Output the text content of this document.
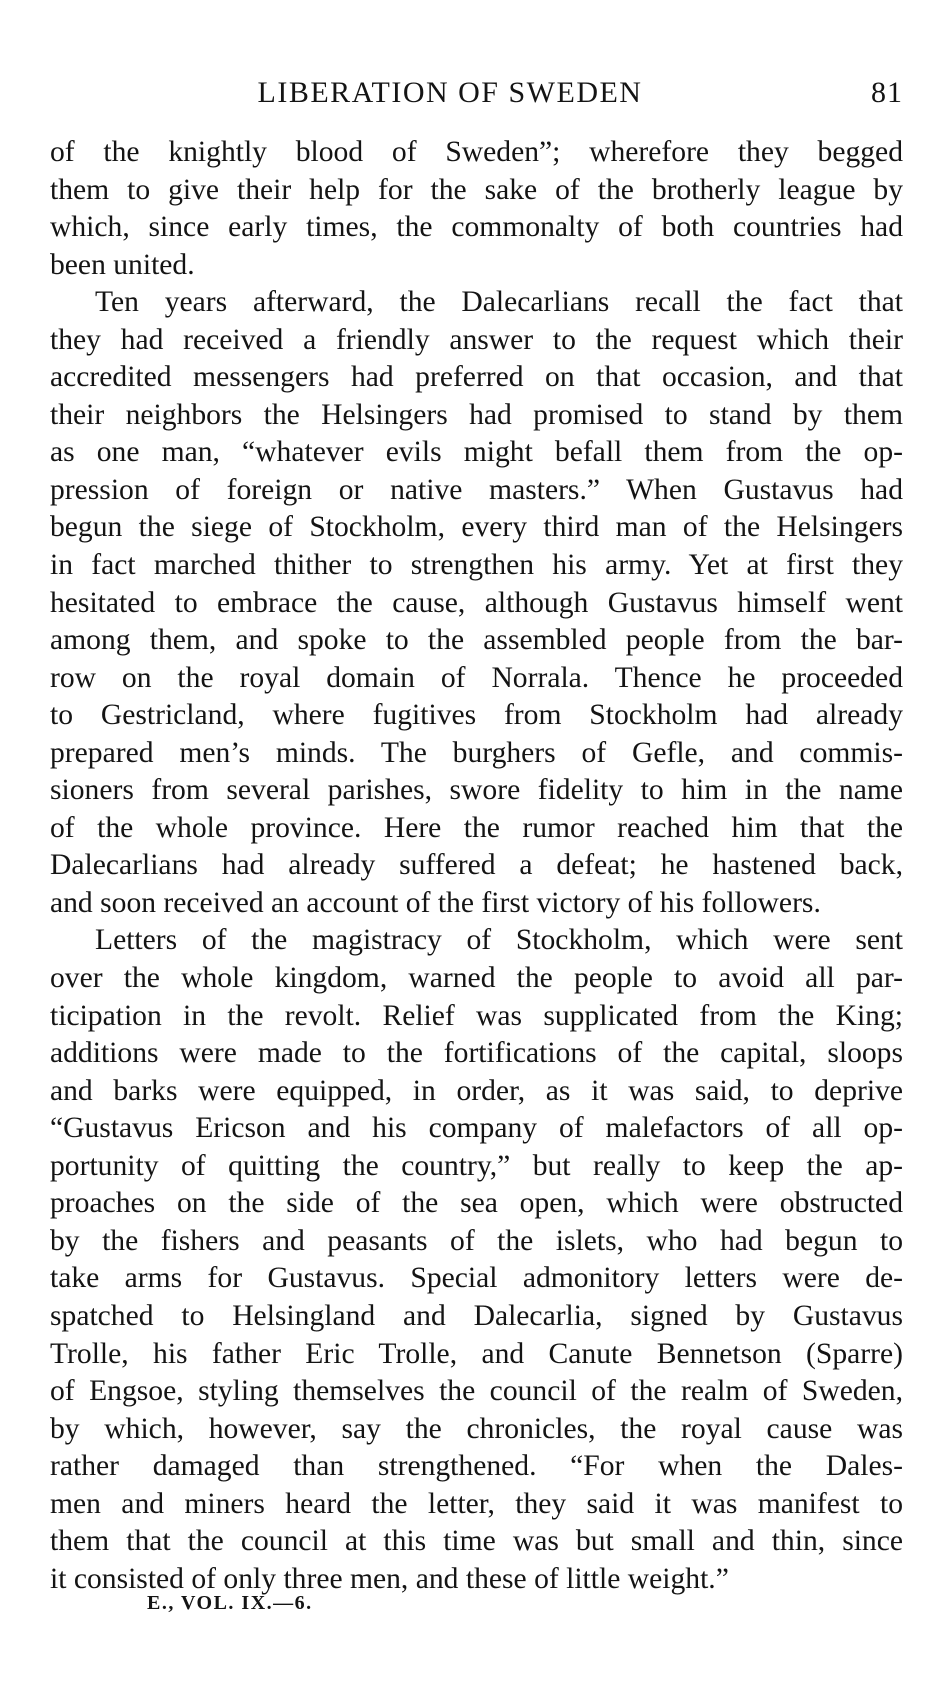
LIBERATION OF SWEDEN	81
of the knightly blood of Sweden”; wherefore they begged
them to give their help for the sake of the brotherly league by
which, since early times, the commonalty of both countries had
been united.
Ten years afterward, the Dalecarlians recall the fact that
they had received a friendly answer to the request which their
accredited messengers had preferred on that occasion, and that
their neighbors the Helsingers had promised to stand by them
as one man, “whatever evils might befall them from the op-
pression of foreign or native masters.” When Gustavus had
begun the siege of Stockholm, every third man of the Helsingers
in fact marched thither to strengthen his army. Yet at first they
hesitated to embrace the cause, although Gustavus himself went
among them, and spoke to the assembled people from the bar-
row on the royal domain of Norrala. Thence he proceeded
to Gestricland, where fugitives from Stockholm had already
prepared men’s minds. The burghers of Gefle, and commis-
sioners from several parishes, swore fidelity to him in the name
of the whole province. Here the rumor reached him that the
Dalecarlians had already suffered a defeat; he hastened back,
and soon received an account of the first victory of his followers.
Letters of the magistracy of Stockholm, which were sent
over the whole kingdom, warned the people to avoid all par-
ticipation in the revolt. Relief was supplicated from the King;
additions were made to the fortifications of the capital, sloops
and barks were equipped, in order, as it was said, to deprive
“Gustavus Ericson and his company of malefactors of all op-
portunity of quitting the country,” but really to keep the ap-
proaches on the side of the sea open, which were obstructed
by the fishers and peasants of the islets, who had begun to
take arms for Gustavus. Special admonitory letters were de-
spatched to Helsingland and Dalecarlia, signed by Gustavus
Trolle, his father Eric Trolle, and Canute Bennetson (Sparre)
of Engsoe, styling themselves the council of the realm of Sweden,
by which, however, say the chronicles, the royal cause was
rather damaged than strengthened. “For when the Dales-
men and miners heard the letter, they said it was manifest to
them that the council at this time was but small and thin, since
it consisted of only three men, and these of little weight.”
E., VOL. IX.—6.
